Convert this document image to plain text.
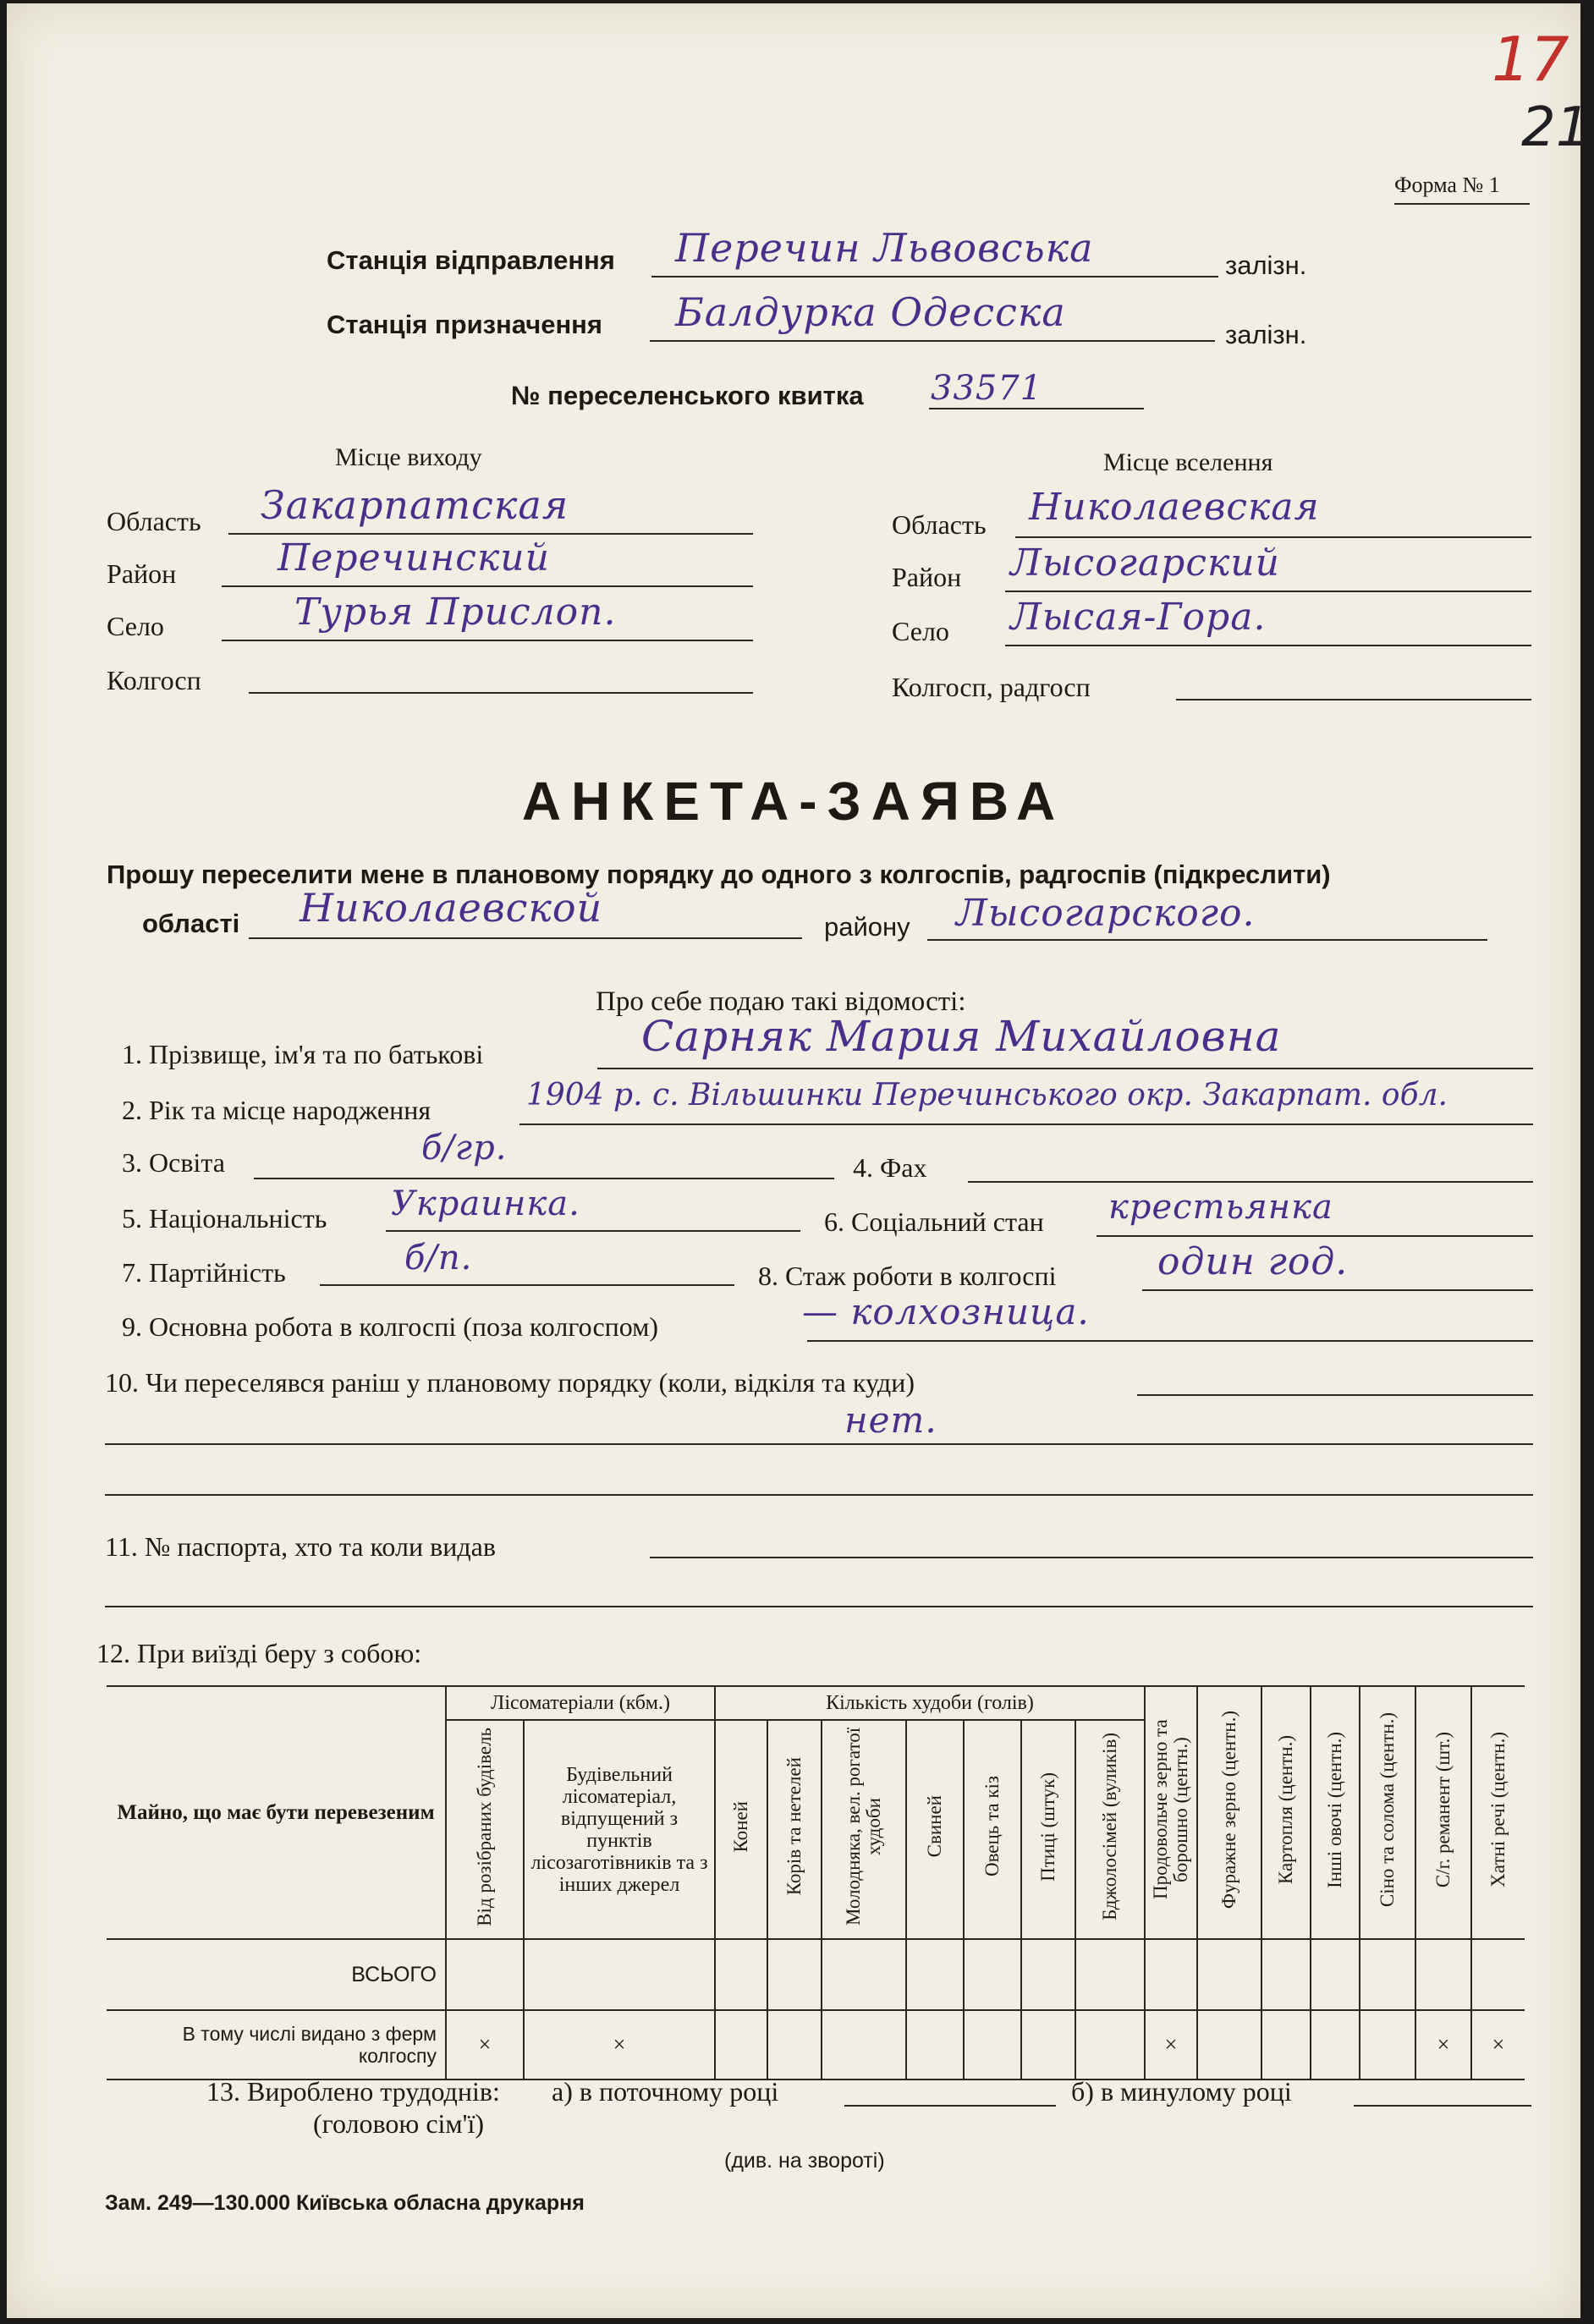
17
21
Форма № 1
Станція відправлення Перечин Львовська	залізн.
Станція призначення Балдурка Одесска	залізн.
№ переселенського квитка 33571
Місце виходу
Область Закарпатская
Район	Перечинский
Село	Турья Прислоп.
Колгосп
Місце вселення
Область Николаевская
Район Лысогарский
Село Лысая-Гора.
Колгосп, радгосп
АНКЕТА-ЗАЯВА
Прошу переселити мене в плановому порядку до одного з колгоспів, радгоспів (підкреслити)
області Николаевской	району Лысогарского.
Про себе подаю такі відомості:
1. Прізвище, ім'я та по батькові	Сарняк Мария Михайловна
2. Рік та місце народження	1904 р. с. Вільшинки Перечинського окр. Закарпат. обл.
3. Освіта	б/гр.	4. Фах
5. Національність Украинка.	6. Соціальний стан крестьянка
7. Партійність	б/п.	8. Стаж роботи в колгоспі	один год.
9. Основна робота в колгоспі (поза колгоспом)	— колхозница.
10. Чи переселявся раніш у плановому порядку (коли, відкіля та куди)
нет.
11. № паспорта, хто та коли видав
12. При виїзді беру з собою:
Майно, що має бути перевезеним	Лісоматеріали (кбм.)		Кількість худоби (голів)							Продовольче зерно та борошно (центн.)	Фуражне зерно (центн.)	Картопля (центн.)	Інші овочі (центн.)	Сіно та солома (центн.)	С/г. реманент (шт.)	Хатні речі (центн.)
	Від розібраних будівель	Будівельний лісоматеріал, відпущений з пунктів лісозаготівників та з інших джерел	Коней	Корів та нетелей	Молодняка, вел. рогатої худоби	Свиней	Овець та кіз	Птиці (штук)	Бджолосімей (вуликів)							
ВСЬОГО																
В тому числі видано з ферм колгоспу	×	×								×					×	×
13. Вироблено трудоднів: а) в поточному році	б) в минулому році
(головою сім'ї)
(див. на звороті)
Зам. 249—130.000 Київська обласна друкарня
